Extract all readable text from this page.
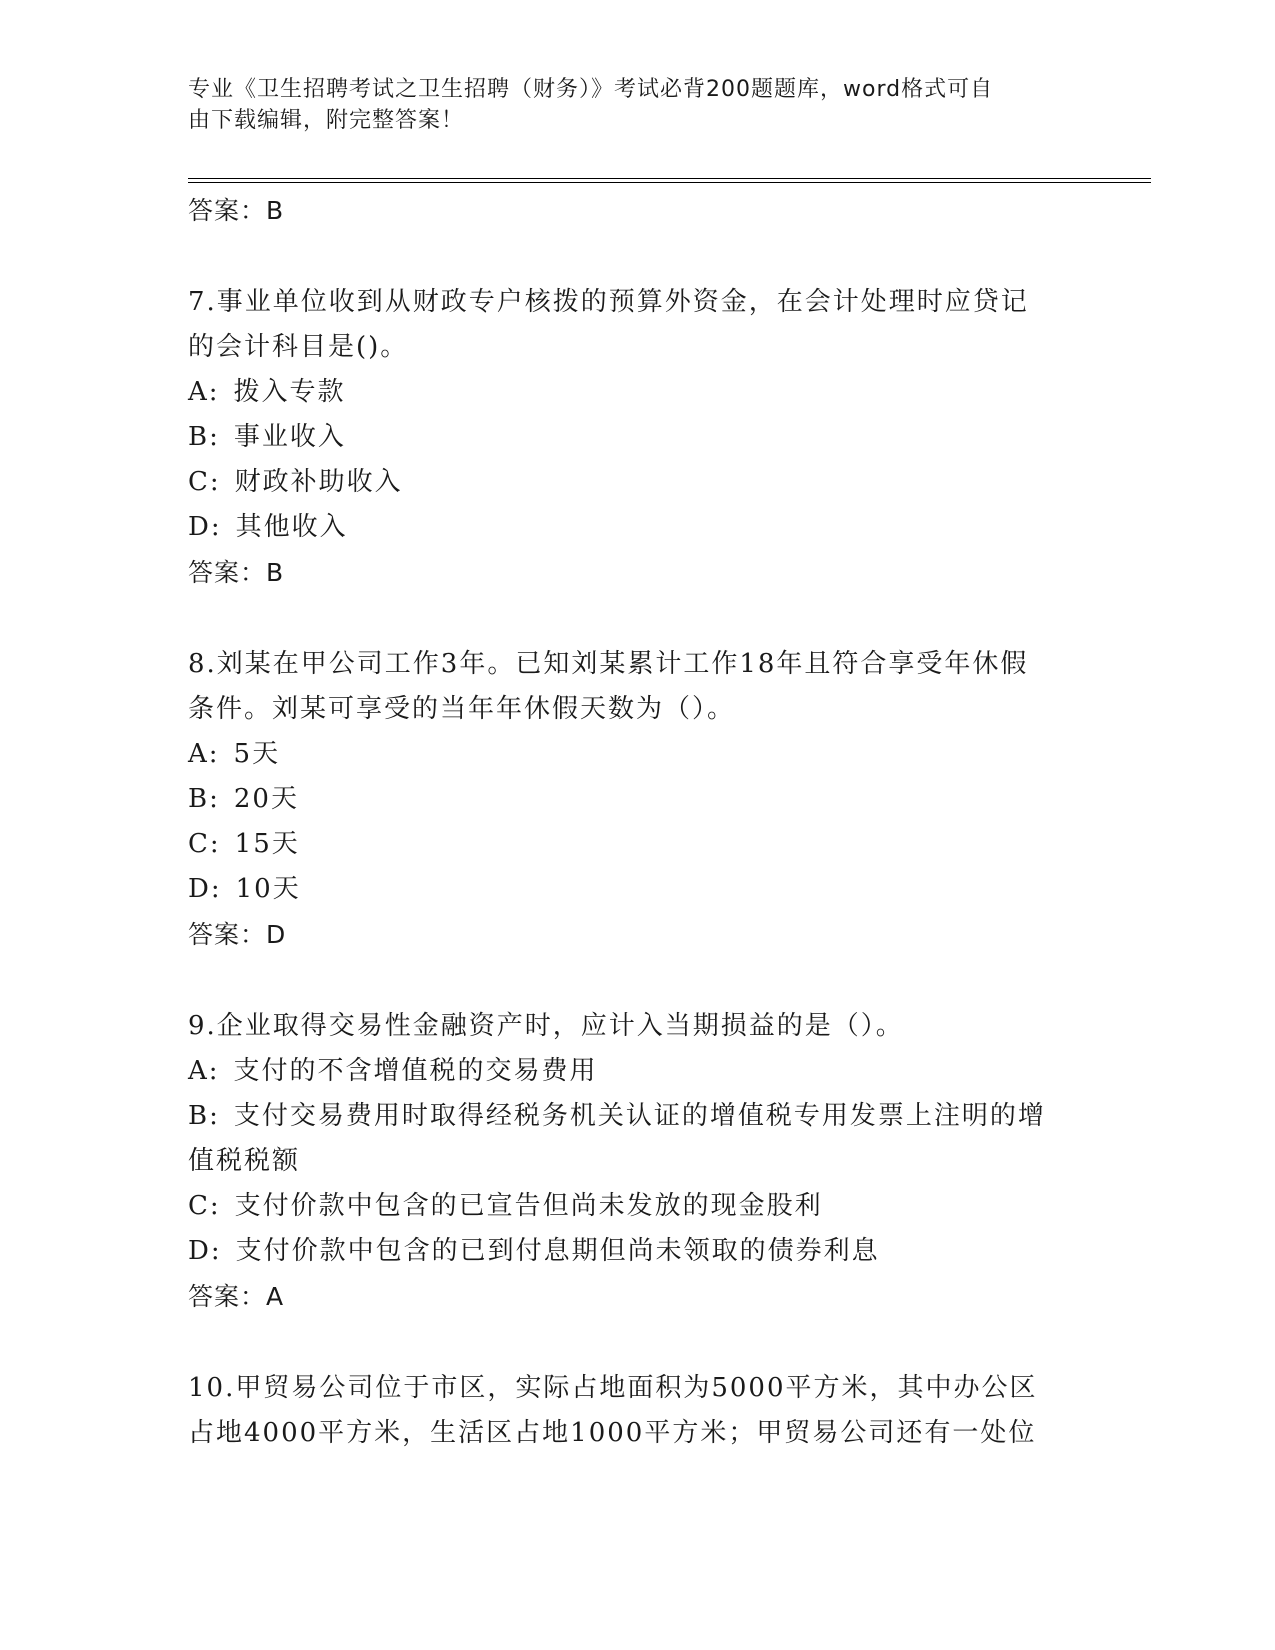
专业《卫生招聘考试之卫生招聘（财务）》考试必背200题题库，word格式可自
由下载编辑，附完整答案！
答案：B
7.事业单位收到从财政专户核拨的预算外资金，在会计处理时应贷记
的会计科目是()。
A: 拨入专款
B: 事业收入
C: 财政补助收入
D: 其他收入
答案：B
8.刘某在甲公司工作3年。已知刘某累计工作18年且符合享受年休假
条件。刘某可享受的当年年休假天数为（）。
A: 5天
B: 20天
C: 15天
D: 10天
答案：D
9.企业取得交易性金融资产时，应计入当期损益的是（）。
A: 支付的不含增值税的交易费用
B: 支付交易费用时取得经税务机关认证的增值税专用发票上注明的增
值税税额
C: 支付价款中包含的已宣告但尚未发放的现金股利
D: 支付价款中包含的已到付息期但尚未领取的债券利息
答案：A
10.甲贸易公司位于市区，实际占地面积为5000平方米，其中办公区
占地4000平方米，生活区占地1000平方米；甲贸易公司还有一处位
